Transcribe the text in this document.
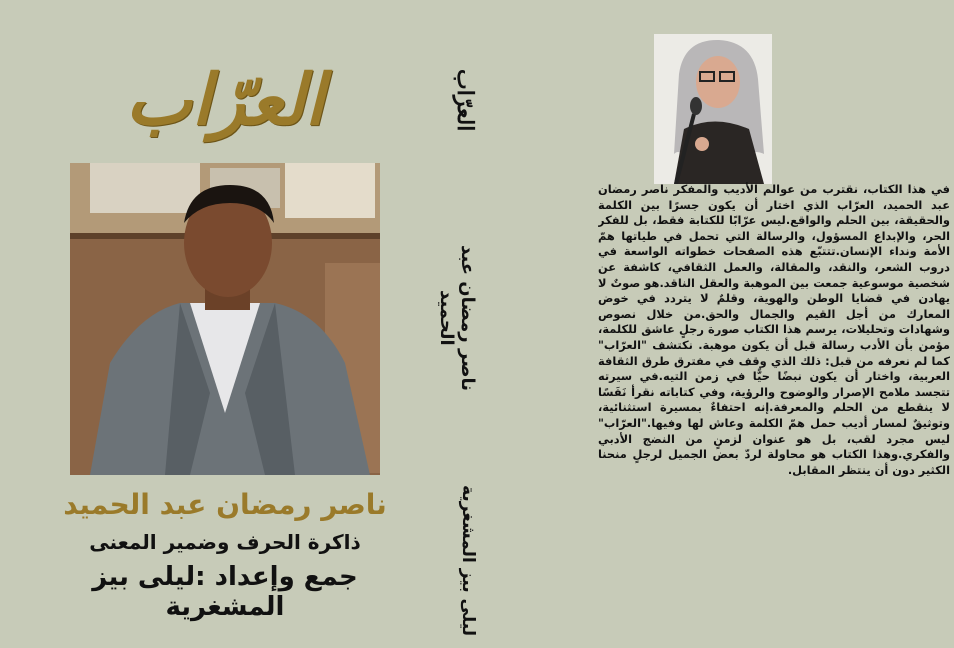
العرّاب
ناصر رمضان عبد الحميد
ذاكرة الحرف وضمير المعنى
جمع وإعداد :ليلى بيز المشغرية
العرّاب
ناصر رمضان عبد الحميد
ليلى بيز المشغرية
في هذا الكتاب، نقترب من عوالم الأديب والمفكر ناصر رمضان عبد الحميد، العرّاب الذي اختار أن يكون جسرًا بين الكلمة والحقيقة، بين الحلم والواقع.ليس عرّابًا للكتابة فقط، بل للفكر الحر، والإبداع المسؤول، والرسالة التي تحمل في طياتها همّ الأمة ونداء الإنسان.تتتبّع هذه الصفحات خطواته الواسعة في دروب الشعر، والنقد، والمقالة، والعمل الثقافي، كاشفة عن شخصية موسوعية جمعت بين الموهبة والعقل الناقد.هو صوتٌ لا يهادن في قضايا الوطن والهوية، وقلمٌ لا يتردد في خوض المعارك من أجل القيم والجمال والحق.من خلال نصوص وشهادات وتحليلات، يرسم هذا الكتاب صورة رجلٍ عاشق للكلمة، مؤمن بأن الأدب رسالة قبل أن يكون موهبة. نكتشف "العرّاب" كما لم نعرفه من قبل: ذلك الذي وقف في مفترق طرق الثقافة العربية، واختار أن يكون نبضًا حيًّا في زمن التيه.في سيرته تتجسد ملامح الإصرار والوضوح والرؤية، وفي كتاباته نقرأ نَفَسًا لا ينقطع من الحلم والمعرفة.إنه احتفاءٌ بمسيرة استثنائية، وتوثيقٌ لمسار أديب حمل همّ الكلمة وعاش لها وفيها."العرّاب" ليس مجرد لقب، بل هو عنوان لزمنٍ من النضج الأدبي والفكري.وهذا الكتاب هو محاولة لردّ بعض الجميل لرجلٍ منحنا الكثير دون أن ينتظر المقابل.
